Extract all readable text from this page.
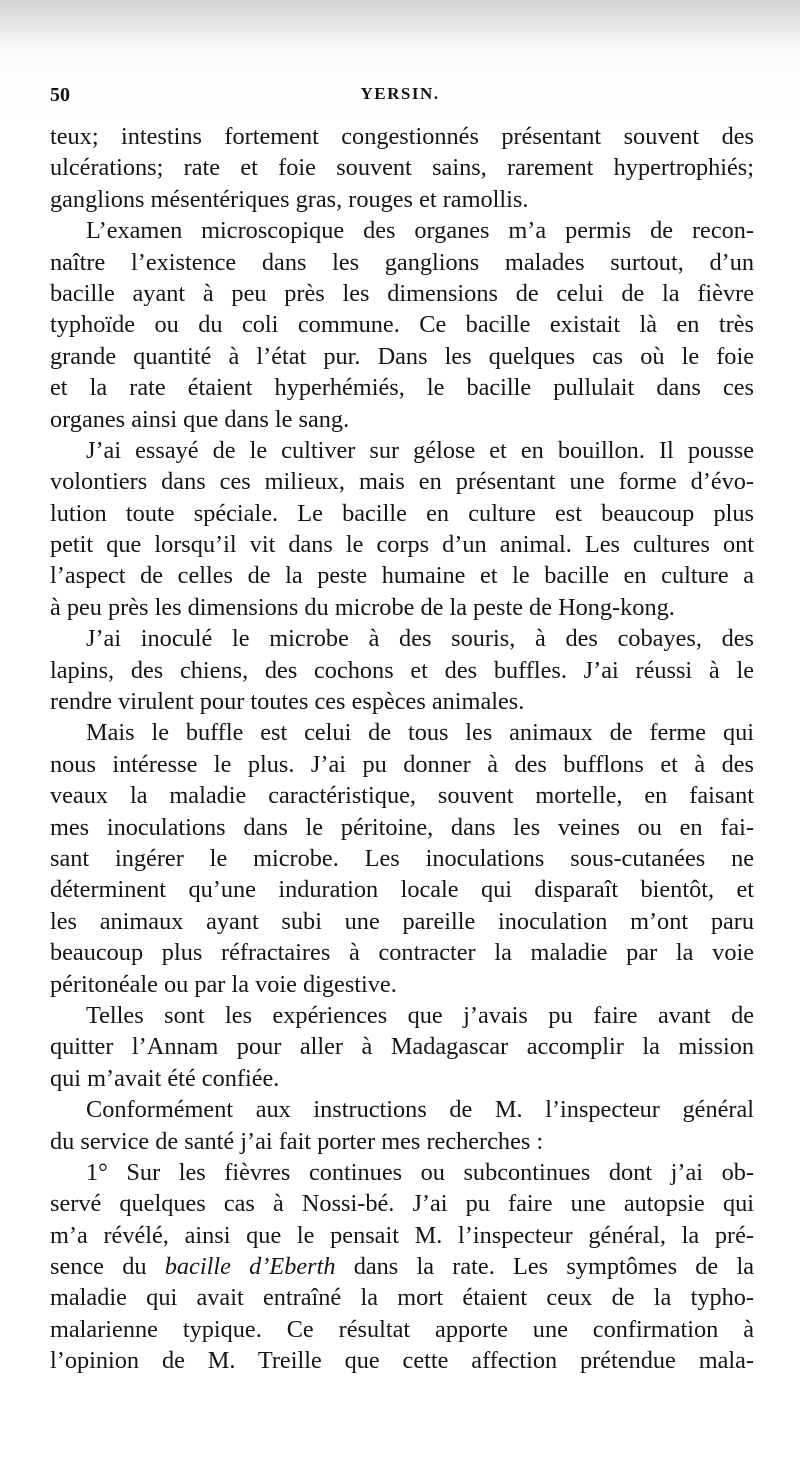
50	YERSIN.
teux; intestins fortement congestionnés présentant souvent des
ulcérations; rate et foie souvent sains, rarement hypertrophiés;
ganglions mésentériques gras, rouges et ramollis.
L’examen microscopique des organes m’a permis de recon-
naître l’existence dans les ganglions malades surtout, d’un
bacille ayant à peu près les dimensions de celui de la fièvre
typhoïde ou du coli commune. Ce bacille existait là en très
grande quantité à l’état pur. Dans les quelques cas où le foie
et la rate étaient hyperhémiés, le bacille pullulait dans ces
organes ainsi que dans le sang.
J’ai essayé de le cultiver sur gélose et en bouillon. Il pousse
volontiers dans ces milieux, mais en présentant une forme d’évo-
lution toute spéciale. Le bacille en culture est beaucoup plus
petit que lorsqu’il vit dans le corps d’un animal. Les cultures ont
l’aspect de celles de la peste humaine et le bacille en culture a
à peu près les dimensions du microbe de la peste de Hong-kong.
J’ai inoculé le microbe à des souris, à des cobayes, des
lapins, des chiens, des cochons et des buffles. J’ai réussi à le
rendre virulent pour toutes ces espèces animales.
Mais le buffle est celui de tous les animaux de ferme qui
nous intéresse le plus. J’ai pu donner à des bufflons et à des
veaux la maladie caractéristique, souvent mortelle, en faisant
mes inoculations dans le péritoine, dans les veines ou en fai-
sant ingérer le microbe. Les inoculations sous-cutanées ne
déterminent qu’une induration locale qui disparaît bientôt, et
les animaux ayant subi une pareille inoculation m’ont paru
beaucoup plus réfractaires à contracter la maladie par la voie
péritonéale ou par la voie digestive.
Telles sont les expériences que j’avais pu faire avant de
quitter l’Annam pour aller à Madagascar accomplir la mission
qui m’avait été confiée.
Conformément aux instructions de M. l’inspecteur général
du service de santé j’ai fait porter mes recherches :
1° Sur les fièvres continues ou subcontinues dont j’ai ob-
servé quelques cas à Nossi-bé. J’ai pu faire une autopsie qui
m’a révélé, ainsi que le pensait M. l’inspecteur général, la pré-
sence du bacille d’Eberth dans la rate. Les symptômes de la
maladie qui avait entraîné la mort étaient ceux de la typho-
malarienne typique. Ce résultat apporte une confirmation à
l’opinion de M. Treille que cette affection prétendue mala-
